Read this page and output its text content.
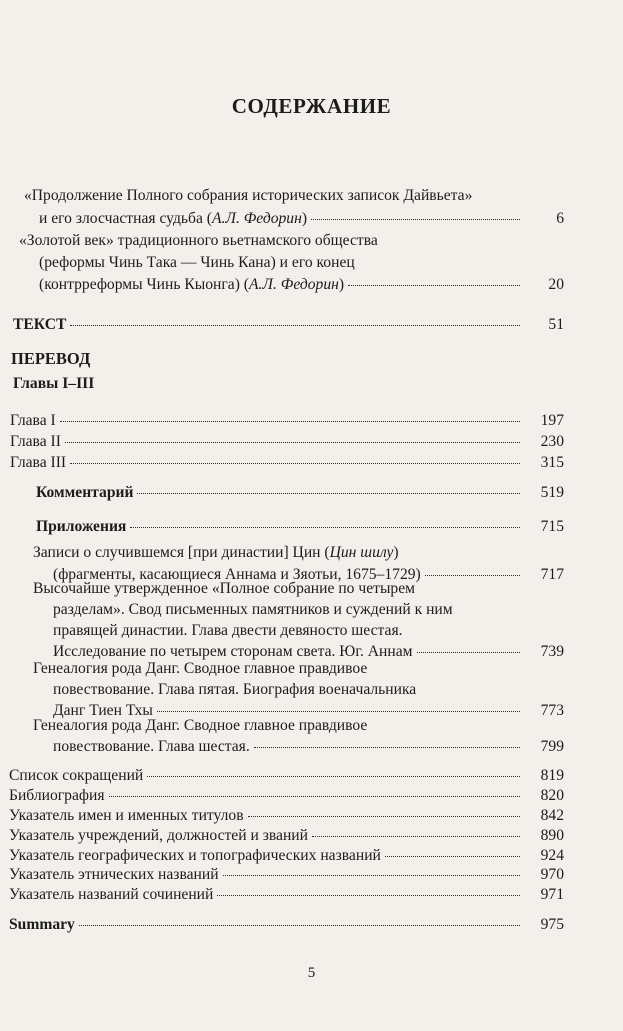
СОДЕРЖАНИЕ
«Продолжение Полного собрания исторических записок Дайвьета»
и его злосчастная судьба (А.Л. Федорин)	6
«Золотой век» традиционного вьетнамского общества
(реформы Чинь Така — Чинь Кана) и его конец
(контрреформы Чинь Кыонга) (А.Л. Федорин)	20
ТЕКСТ	51
ПЕРЕВОД
Главы I–III
Глава I	197
Глава II	230
Глава III	315
Комментарий	519
Приложения	715
Записи о случившемся [при династии] Цин (Цин шилу)
(фрагменты, касающиеся Аннама и Зяотьи, 1675–1729)	717
Высочайше утвержденное «Полное собрание по четырем
разделам». Свод письменных памятников и суждений к ним
правящей династии. Глава двести девяносто шестая.
Исследование по четырем сторонам света. Юг. Аннам	739
Генеалогия рода Данг. Сводное главное правдивое
повествование. Глава пятая. Биография военачальника
Данг Тиен Тхы	773
Генеалогия рода Данг. Сводное главное правдивое
повествование. Глава шестая.	799
Список сокращений	819
Библиография	820
Указатель имен и именных титулов	842
Указатель учреждений, должностей и званий	890
Указатель географических и топографических названий	924
Указатель этнических названий	970
Указатель названий сочинений	971
Summary	975
5
